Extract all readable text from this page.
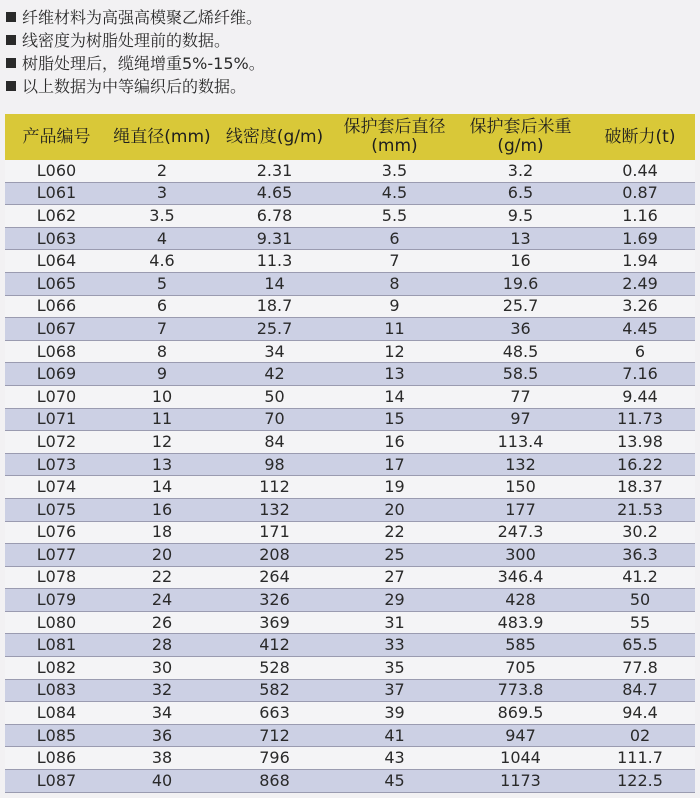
纤维材料为高强高模聚乙烯纤维。
线密度为树脂处理前的数据。
树脂处理后，缆绳增重5%-15%。
以上数据为中等编织后的数据。
产品编号	绳直径(mm)	线密度(g/m)	保护套后直径(mm)	保护套后米重(g/m)	破断力(t)
L060	2	2.31	3.5	3.2	0.44
L061	3	4.65	4.5	6.5	0.87
L062	3.5	6.78	5.5	9.5	1.16
L063	4	9.31	6	13	1.69
L064	4.6	11.3	7	16	1.94
L065	5	14	8	19.6	2.49
L066	6	18.7	9	25.7	3.26
L067	7	25.7	11	36	4.45
L068	8	34	12	48.5	6
L069	9	42	13	58.5	7.16
L070	10	50	14	77	9.44
L071	11	70	15	97	11.73
L072	12	84	16	113.4	13.98
L073	13	98	17	132	16.22
L074	14	112	19	150	18.37
L075	16	132	20	177	21.53
L076	18	171	22	247.3	30.2
L077	20	208	25	300	36.3
L078	22	264	27	346.4	41.2
L079	24	326	29	428	50
L080	26	369	31	483.9	55
L081	28	412	33	585	65.5
L082	30	528	35	705	77.8
L083	32	582	37	773.8	84.7
L084	34	663	39	869.5	94.4
L085	36	712	41	947	02
L086	38	796	43	1044	111.7
L087	40	868	45	1173	122.5
